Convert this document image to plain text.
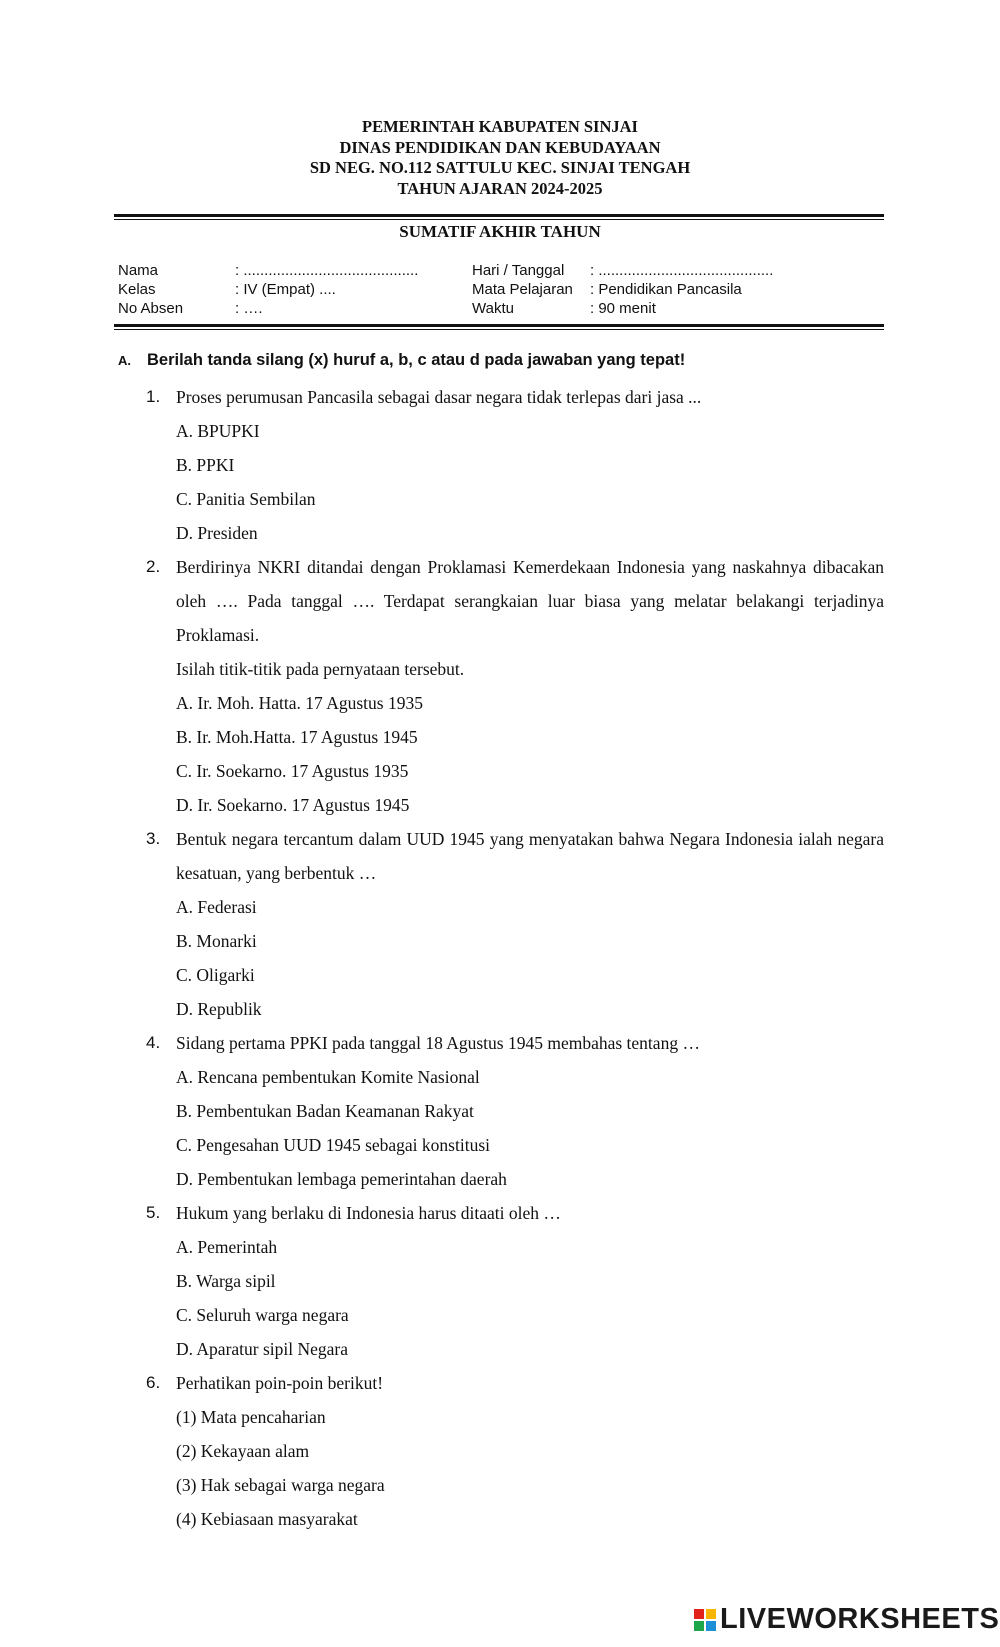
PEMERINTAH KABUPATEN SINJAI
DINAS PENDIDIKAN DAN KEBUDAYAAN
SD NEG. NO.112 SATTULU KEC. SINJAI TENGAH
TAHUN AJARAN 2024-2025
SUMATIF AKHIR TAHUN
Nama	: ..........................................	Hari / Tanggal : ..........................................
Kelas	: IV (Empat) ....	Mata Pelajaran : Pendidikan Pancasila
No Absen	: ….	Waktu	: 90 menit
A. Berilah tanda silang (x) huruf a, b, c atau d pada jawaban yang tepat!
1. Proses perumusan Pancasila sebagai dasar negara tidak terlepas dari jasa ...
A. BPUPKI
B. PPKI
C. Panitia Sembilan
D. Presiden
2. Berdirinya NKRI ditandai dengan Proklamasi Kemerdekaan Indonesia yang naskahnya dibacakan oleh …. Pada tanggal …. Terdapat serangkaian luar biasa yang melatar belakangi terjadinya Proklamasi.
Isilah titik-titik pada pernyataan tersebut.
A. Ir. Moh. Hatta. 17 Agustus 1935
B. Ir. Moh.Hatta. 17 Agustus 1945
C. Ir. Soekarno. 17 Agustus 1935
D. Ir. Soekarno. 17 Agustus 1945
3. Bentuk negara tercantum dalam UUD 1945 yang menyatakan bahwa Negara Indonesia ialah negara kesatuan, yang berbentuk …
A. Federasi
B. Monarki
C. Oligarki
D. Republik
4. Sidang pertama PPKI pada tanggal 18 Agustus 1945 membahas tentang …
A. Rencana pembentukan Komite Nasional
B. Pembentukan Badan Keamanan Rakyat
C. Pengesahan UUD 1945 sebagai konstitusi
D. Pembentukan lembaga pemerintahan daerah
5. Hukum yang berlaku di Indonesia harus ditaati oleh …
A. Pemerintah
B. Warga sipil
C. Seluruh warga negara
D. Aparatur sipil Negara
6. Perhatikan poin-poin berikut!
(1) Mata pencaharian
(2) Kekayaan alam
(3) Hak sebagai warga negara
(4) Kebiasaan masyarakat
LIVEWORKSHEETS
